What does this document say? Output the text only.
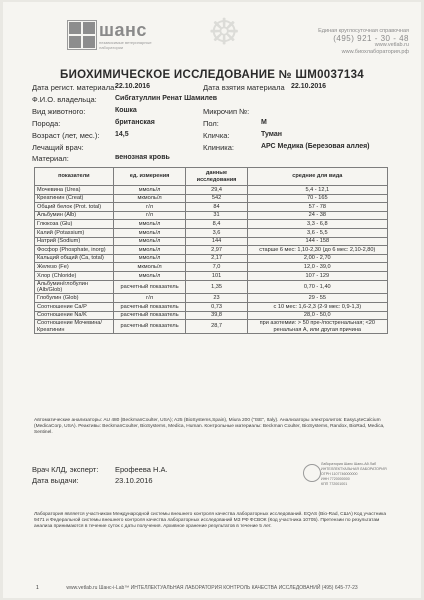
шанс
независимые ветеринарные лаборатории	☸	Единая круглосуточная справочная
(495) 921 - 30 - 48
www.vetlab.ru
www.биохлаборатория.рф
БИОХИМИЧЕСКОЕ ИССЛЕДОВАНИЕ № ШМ0037134
Дата регист. материала:
22.10.2016	Дата взятия материала 22.10.2016
Ф.И.О. владельца:	Сибгатуллин Ренат Шамилев
Вид животного:	Кошка	Микрочип №:
Порода:	британская	Пол:	М
Возраст (лет, мес.): 14,5	Кличка:	Туман
Лечащий врач:	Клиника:	АРС Медика (Березовая аллея)
Материал:	венозная кровь
показатели	ед. измерения	данные исследования	средние для вида
Мочевина (Urea)	ммоль/л	29,4	5,4 - 12,1
Креатинин (Creat)	мкмоль/л	542	70 - 165
Общий белок (Prot. total)	г/л	84	57 - 78
Альбумин (Alb)	г/л	31	24 - 38
Глюкоза (Glu)	ммоль/л	8,4	3,3 - 6,8
Калий (Potassium)	ммоль/л	3,6	3,6 - 5,5
Натрий (Sodium)	ммоль/л	144	144 - 158
Фосфор (Phosphate, inorg)	ммоль/л	2,97	старше 6 мес: 1,10-2,30 (до 6 мес: 2,10-2,80)
Кальций общий (Ca, total)	ммоль/л	2,17	2,00 - 2,70
Железо (Fe)	мкмоль/л	7,0	12,0 - 39,0
Хлор (Chloride)	ммоль/л	101	107 - 129
Альбумин/глобулин (Alb/Glob)	расчетный показатель	1,35	0,70 - 1,40
Глобулин (Glob)	г/л	23	29 - 55
Соотношение Ca/P	расчетный показатель	0,73	с 10 мес: 1,6-2,3 (2-9 мес: 0,9-1,3)
Соотношение Na/K	расчетный показатель	39,8	28,0 - 50,0
Соотношение Мочевина/Креатинин	расчетный показатель	28,7	при азотемии: > 50 пре-/постренальная; <20 ренальная А, или другая причина
Автоматические анализаторы: AU 480 (BeckmanCoulter, USA); A25 (BioSystems,Spain), Miura 200 ("ISE", Italy). Анализаторы электролитов: EasyLyteCalcium (MedicaCorp, USA). Реактивы: BeckmanCoulter, BioSystems, Medica, Human. Контрольные материалы: Beckman Coulter, BioSystems, Randox, BioRad, Medica, Sentinel.
Врач КЛД, эксперт: Ерофеева Н.А.
Дата выдачи:	23.10.2016
Лаборатория Шанс Шанс-Ай Лаб
ИНТЕЛЛЕКТУАЛЬНАЯ ЛАБОРАТОРИЯ
ОГРН 1107746000000
ИНН 7720000000
КПП 772001001
Лаборатория является участником Международной системы внешнего контроля качества лабораторных исследований. EQAS (Bio-Rad, США) Код участника 9471 и Федеральной системы внешнего контроля качества лабораторных исследований МЗ РФ ФСВОК (Код участника 10705). Претензии по результатам анализа принимаются в течение суток с даты получения. Архивное хранение результатов в течение 5 лет.
1	www.vetlab.ru Шанс-i-Lab™ ИНТЕЛЛЕКТУАЛЬНАЯ ЛАБОРАТОРИЯ КОНТРОЛЬ КАЧЕСТВА ИССЛЕДОВАНИЙ (495) 645-77-23
